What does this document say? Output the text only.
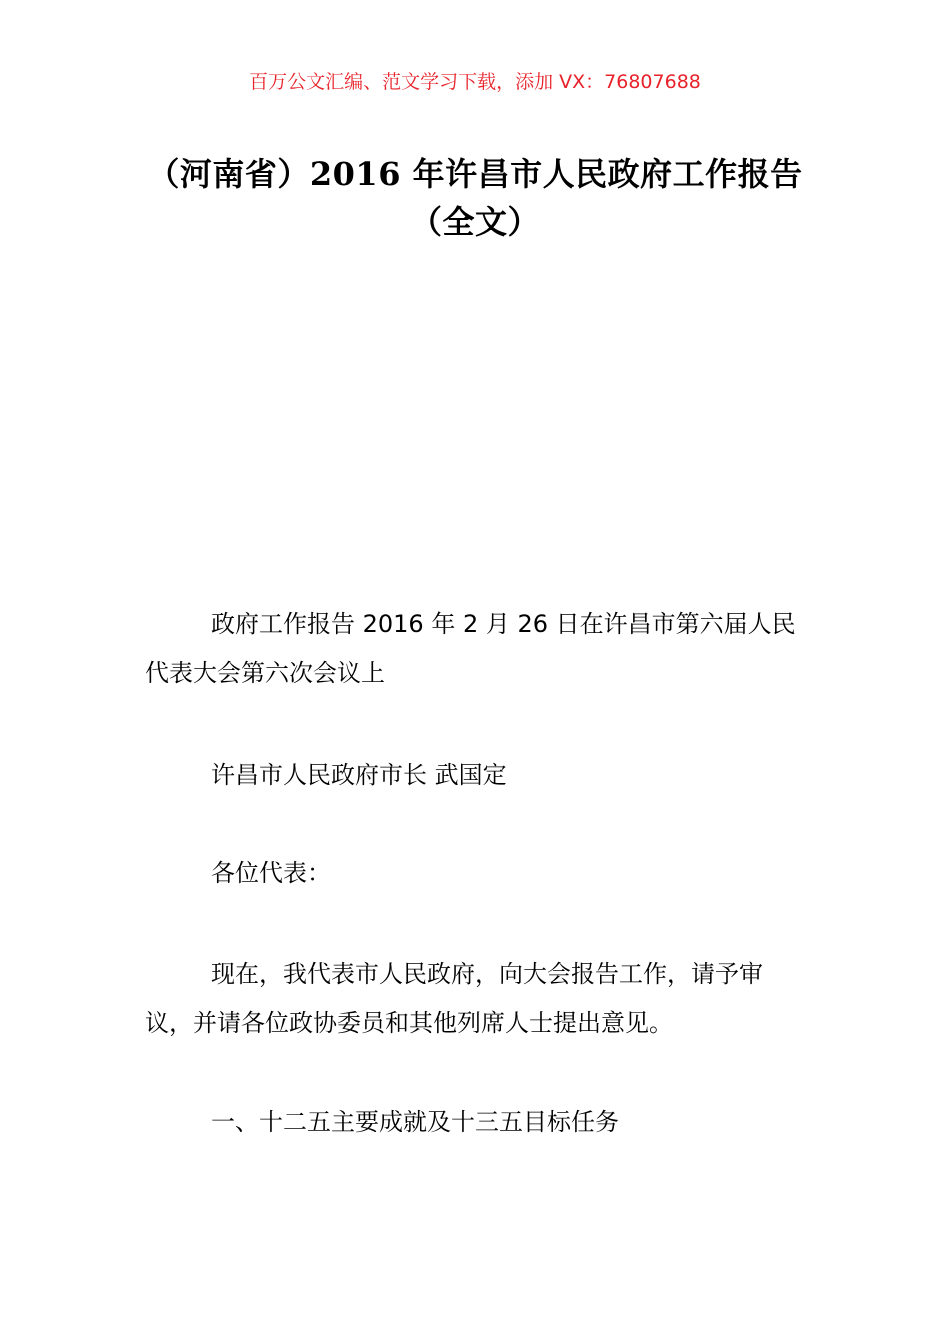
百万公文汇编、范文学习下载，添加 VX：76807688
（河南省）2016 年许昌市人民政府工作报告（全文）

政府工作报告 2016 年 2 月 26 日在许昌市第六届人民代表大会第六次会议上

许昌市人民政府市长 武国定

各位代表：

现在，我代表市人民政府，向大会报告工作，请予审议，并请各位政协委员和其他列席人士提出意见。

一、十二五主要成就及十三五目标任务
